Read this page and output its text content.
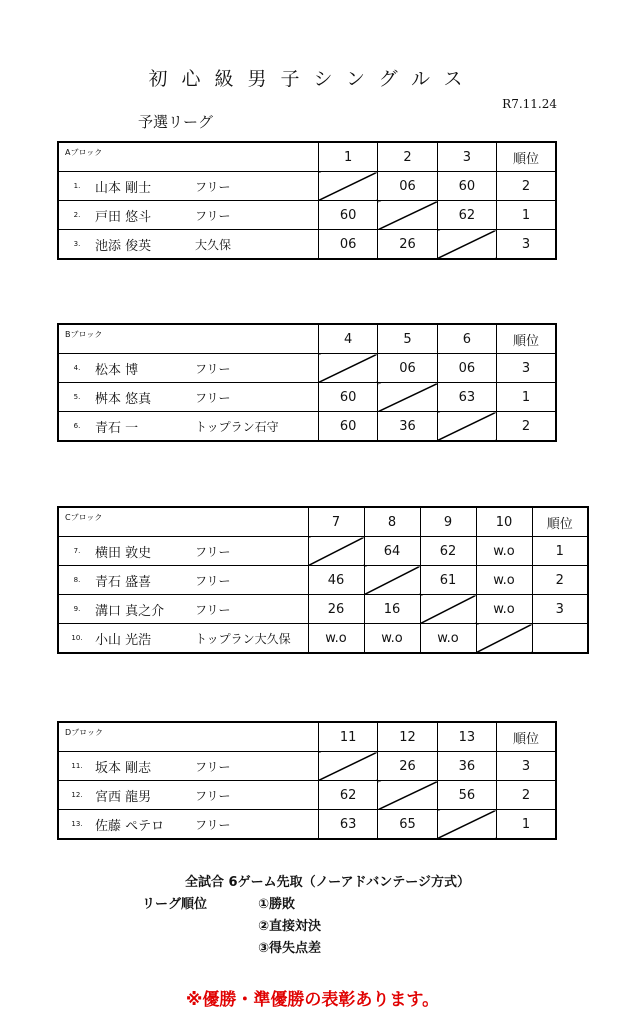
初心級男子シングルス
R7.11.24
予選リーグ
Aブロック	1	2	3	順位
1. 山本 剛士 フリー		06	60	2
2. 戸田 悠斗 フリー	60		62	1
3. 池添 俊英 大久保	06	26		3
Bブロック	4	5	6	順位
4. 松本 博 フリー		06	06	3
5. 桝本 悠真 フリー	60		63	1
6. 青石 一 トップラン石守	60	36		2
Cブロック	7	8	9	10	順位
7. 横田 敦史 フリー		64	62	w.o	1
8. 青石 盛喜 フリー	46		61	w.o	2
9. 溝口 真之介 フリー	26	16		w.o	3
10. 小山 光浩 トップラン大久保	w.o	w.o	w.o		
Dブロック	11	12	13	順位
11. 坂本 剛志 フリー		26	36	3
12. 宮西 龍男 フリー	62		56	2
13. 佐藤 ペテロ フリー	63	65		1
全試合 6ゲーム先取（ノーアドバンテージ方式）
リーグ順位	①勝敗
②直接対決
③得失点差
※優勝・準優勝の表彰あります。
